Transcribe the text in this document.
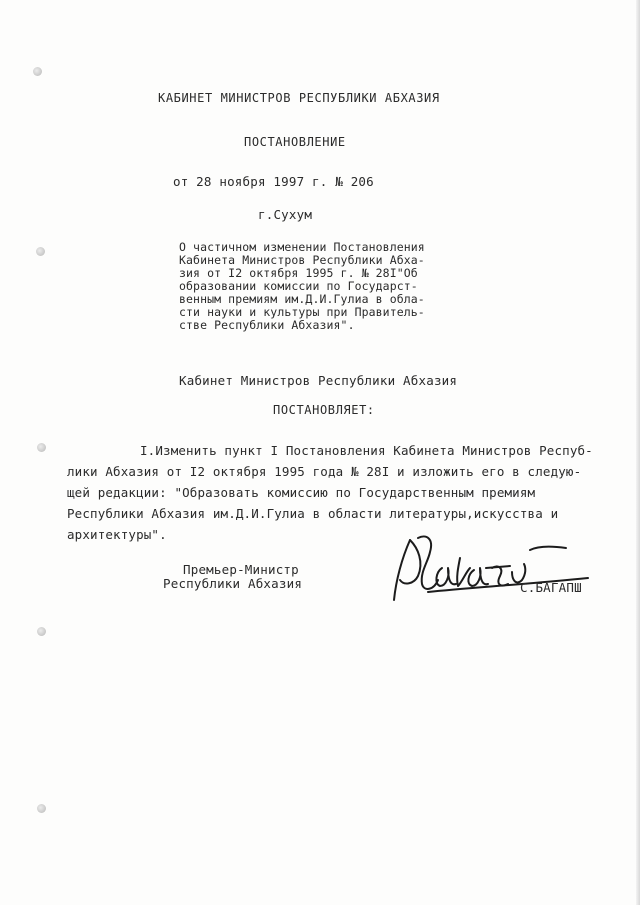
КАБИНЕТ МИНИСТРОВ РЕСПУБЛИКИ АБХАЗИЯ
ПОСТАНОВЛЕНИЕ
от 28 ноября 1997 г. № 206
г.Сухум
О частичном изменении Постановления
Кабинета Министров Республики Абха-
зия от I2 октября 1995 г. № 28I"Об
образовании комиссии по Государст-
венным премиям им.Д.И.Гулиа в обла-
сти науки и культуры при Правитель-
стве Республики Абхазия".
Кабинет Министров Республики Абхазия
ПОСТАНОВЛЯЕТ:
I.Изменить пункт I Постановления Кабинета Министров Респуб-
лики Абхазия от I2 октября 1995 года № 28I и изложить его в следую-
щей редакции: "Образовать комиссию по Государственным премиям
Республики Абхазия им.Д.И.Гулиа в области литературы,искусства и
архитектуры".
Премьер-Министр
Республики Абхазия	С.БАГАПШ
